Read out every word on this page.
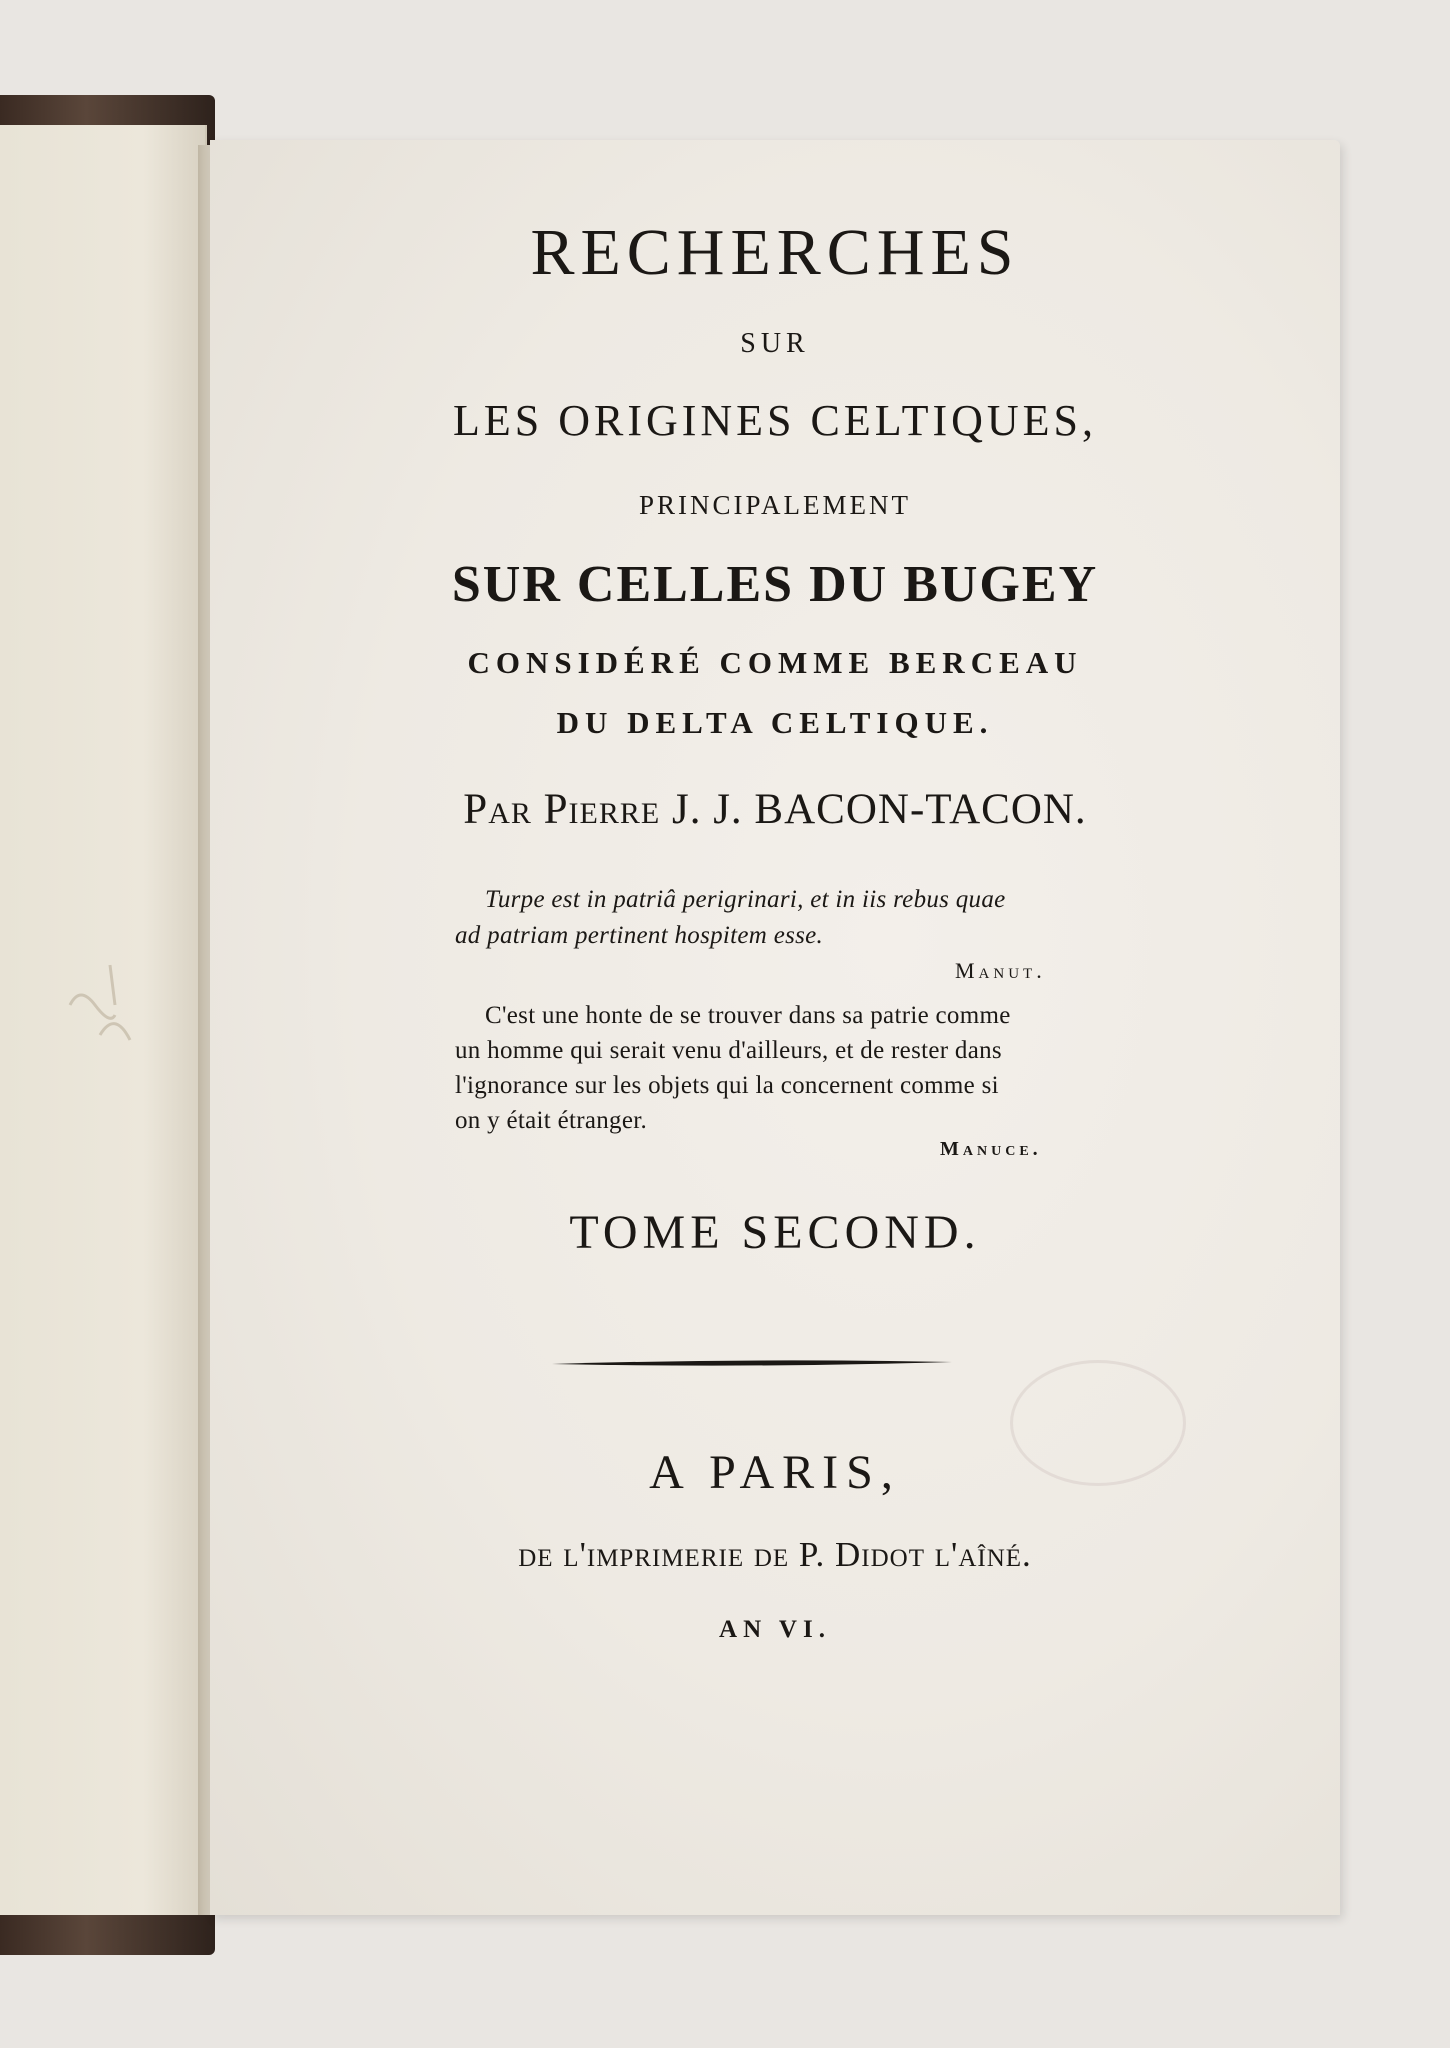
RECHERCHES
SUR
LES ORIGINES CELTIQUES,
PRINCIPALEMENT
SUR CELLES DU BUGEY
CONSIDÉRÉ COMME BERCEAU
DU DELTA CELTIQUE.
Par Pierre J. J. BACON-TACON.
Turpe est in patriâ perigrinari, et in iis rebus quae
ad patriam pertinent hospitem esse.
Manut.
C'est une honte de se trouver dans sa patrie comme
un homme qui serait venu d'ailleurs, et de rester dans
l'ignorance sur les objets qui la concernent comme si
on y était étranger.
Manuce.
TOME SECOND.
A PARIS,
de l'imprimerie de P. Didot l'aîné.
AN VI.
